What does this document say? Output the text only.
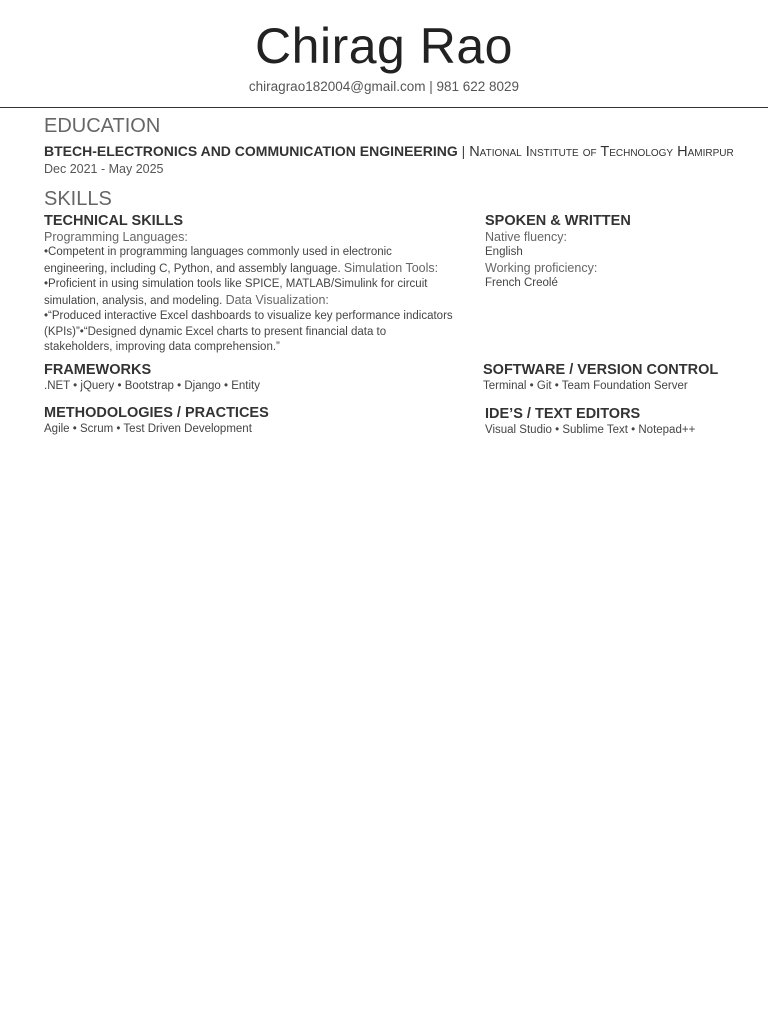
Chirag Rao
chiragrao182004@gmail.com | 981 622 8029
EDUCATION
BTECH-ELECTRONICS AND COMMUNICATION ENGINEERING | National Institute of Technology Hamirpur
Dec 2021 - May 2025
SKILLS
TECHNICAL SKILLS
Programming Languages:
•Competent in programming languages commonly used in electronic engineering, including C, Python, and assembly language. Simulation Tools:
•Proficient in using simulation tools like SPICE, MATLAB/Simulink for circuit simulation, analysis, and modeling. Data Visualization:
•“Produced interactive Excel dashboards to visualize key performance indicators (KPIs)”•“Designed dynamic Excel charts to present financial data to stakeholders, improving data comprehension.”
SPOKEN & WRITTEN
Native fluency:
English
Working proficiency:
French Creolé
FRAMEWORKS
.NET • jQuery • Bootstrap • Django • Entity
SOFTWARE / VERSION CONTROL
Terminal • Git • Team Foundation Server
METHODOLOGIES / PRACTICES
Agile • Scrum • Test Driven Development
IDE’S / TEXT EDITORS
Visual Studio • Sublime Text • Notepad++
